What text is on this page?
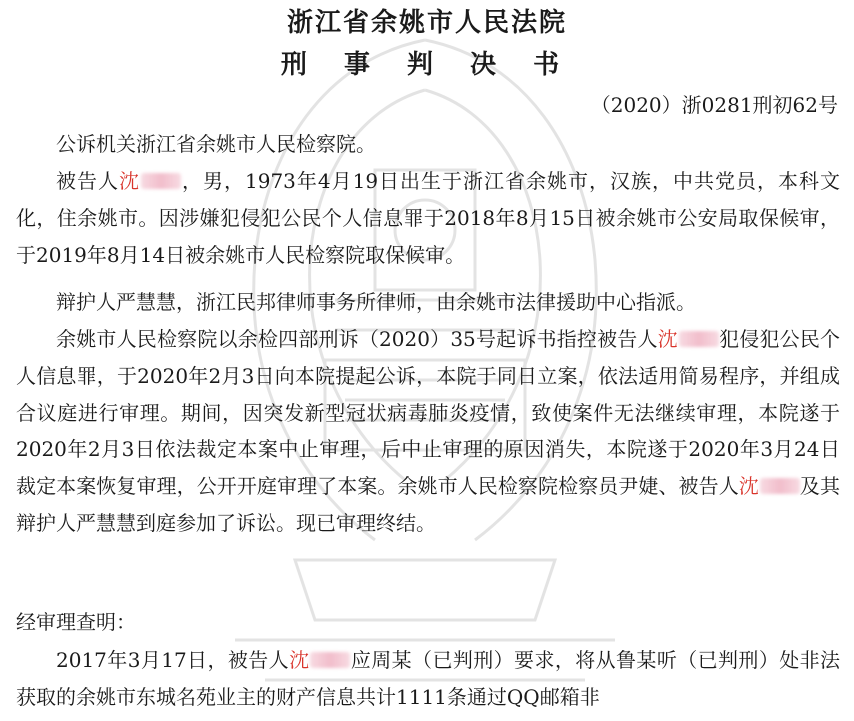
浙江省余姚市人民法院
刑 事 判 决 书
（2020）浙0281刑初62号

公诉机关浙江省余姚市人民检察院。

被告人沈 ，男，1973年4月19日出生于浙江省余姚市，汉族，中共党员，本科文化，住余姚市。因涉嫌犯侵犯公民个人信息罪于2018年8月15日被余姚市公安局取保候审，于2019年8月14日被余姚市人民检察院取保候审。

辩护人严慧慧，浙江民邦律师事务所律师，由余姚市法律援助中心指派。

余姚市人民检察院以余检四部刑诉（2020）35号起诉书指控被告人沈 犯侵犯公民个人信息罪，于2020年2月3日向本院提起公诉，本院于同日立案，依法适用简易程序，并组成合议庭进行审理。期间，因突发新型冠状病毒肺炎疫情，致使案件无法继续审理，本院遂于2020年2月3日依法裁定本案中止审理，后中止审理的原因消失，本院遂于2020年3月24日裁定本案恢复审理，公开开庭审理了本案。余姚市人民检察院检察员尹婕、被告人沈 及其辩护人严慧慧到庭参加了诉讼。现已审理终结。

经审理查明：

2017年3月17日，被告人沈 应周某（已判刑）要求，将从鲁某听（已判刑）处非法获取的余姚市东城名苑业主的财产信息共计1111条通过QQ邮箱非
